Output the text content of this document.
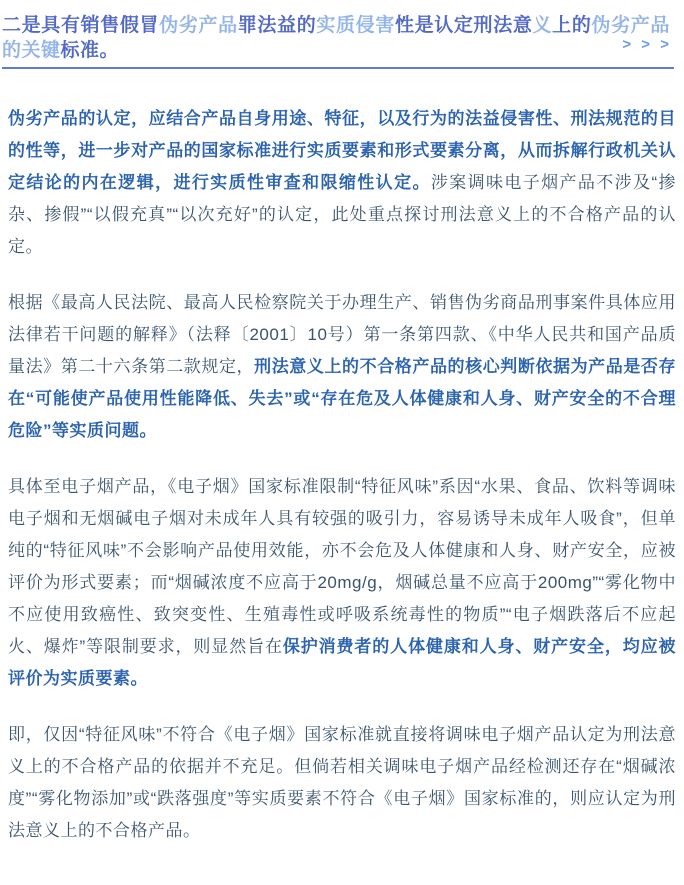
二是具有销售假冒伪劣产品罪法益的实质侵害性是认定刑法意义上的伪劣产品的关键标准。	> > >

伪劣产品的认定，应结合产品自身用途、特征，以及行为的法益侵害性、刑法规范的目的性等，进一步对产品的国家标准进行实质要素和形式要素分离，从而拆解行政机关认定结论的内在逻辑，进行实质性审查和限缩性认定。涉案调味电子烟产品不涉及“掺杂、掺假”“以假充真”“以次充好”的认定，此处重点探讨刑法意义上的不合格产品的认定。

根据《最高人民法院、最高人民检察院关于办理生产、销售伪劣商品刑事案件具体应用法律若干问题的解释》（法释〔2001〕10号）第一条第四款、《中华人民共和国产品质量法》第二十六条第二款规定，刑法意义上的不合格产品的核心判断依据为产品是否存在“可能使产品使用性能降低、失去”或“存在危及人体健康和人身、财产安全的不合理危险”等实质问题。

具体至电子烟产品，《电子烟》国家标准限制“特征风味”系因“水果、食品、饮料等调味电子烟和无烟碱电子烟对未成年人具有较强的吸引力，容易诱导未成年人吸食”，但单纯的“特征风味”不会影响产品使用效能，亦不会危及人体健康和人身、财产安全，应被评价为形式要素；而“烟碱浓度不应高于20mg/g，烟碱总量不应高于200mg”“雾化物中不应使用致癌性、致突变性、生殖毒性或呼吸系统毒性的物质”“电子烟跌落后不应起火、爆炸”等限制要求，则显然旨在保护消费者的人体健康和人身、财产安全，均应被评价为实质要素。

即，仅因“特征风味”不符合《电子烟》国家标准就直接将调味电子烟产品认定为刑法意义上的不合格产品的依据并不充足。但倘若相关调味电子烟产品经检测还存在“烟碱浓度”“雾化物添加”或“跌落强度”等实质要素不符合《电子烟》国家标准的，则应认定为刑法意义上的不合格产品。
